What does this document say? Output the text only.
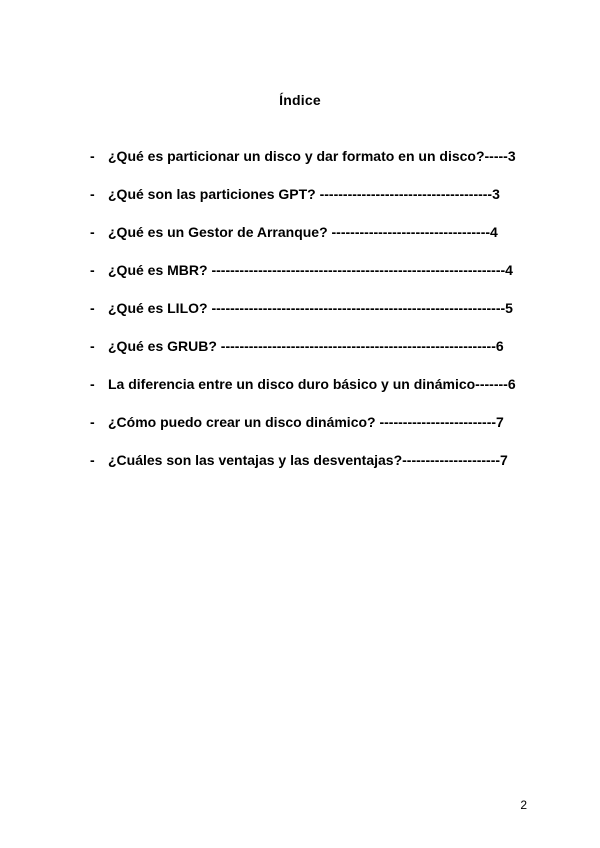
Índice
- ¿Qué es particionar un disco y dar formato en un disco?-----3
- ¿Qué son las particiones GPT? -------------------------------------3
- ¿Qué es un Gestor de Arranque? ----------------------------------4
- ¿Qué es MBR? ---------------------------------------------------------------4
- ¿Qué es LILO? ---------------------------------------------------------------5
- ¿Qué es GRUB? -----------------------------------------------------------6
- La diferencia entre un disco duro básico y un dinámico-------6
- ¿Cómo puedo crear un disco dinámico? -------------------------7
- ¿Cuáles son las ventajas y las desventajas?---------------------7
2
